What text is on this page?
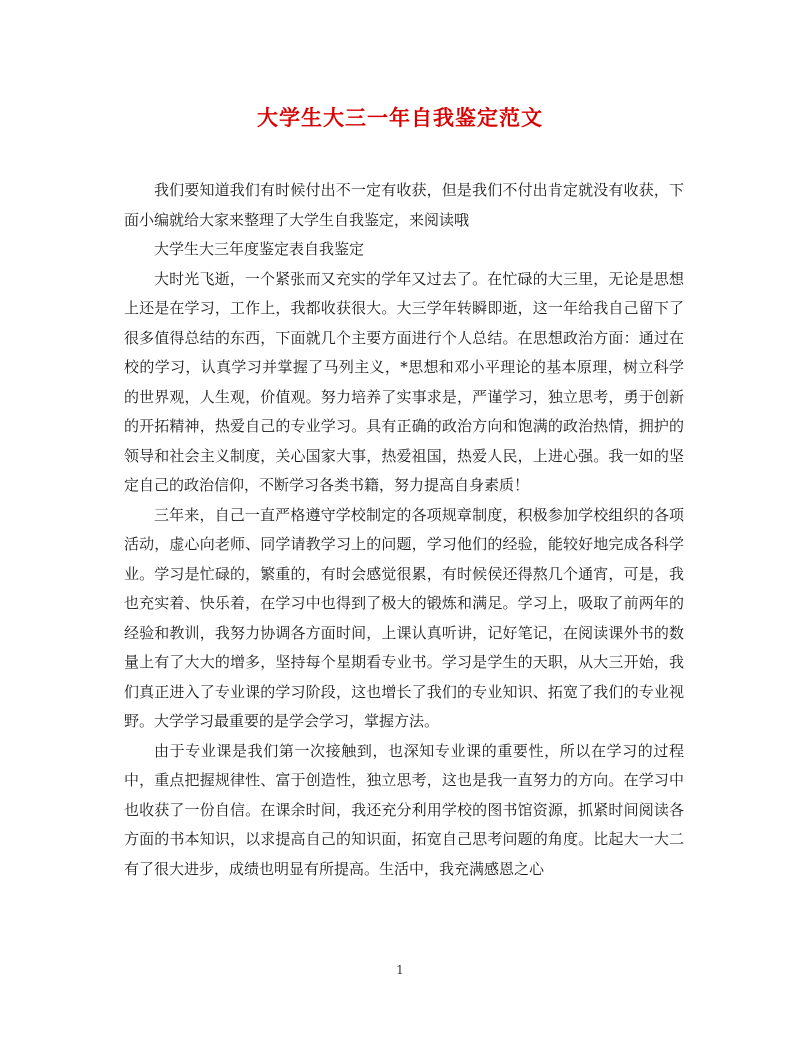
大学生大三一年自我鉴定范文

我们要知道我们有时候付出不一定有收获，但是我们不付出肯定就没有收获，下面小编就给大家来整理了大学生自我鉴定，来阅读哦

大学生大三年度鉴定表自我鉴定

大时光飞逝，一个紧张而又充实的学年又过去了。在忙碌的大三里，无论是思想上还是在学习，工作上，我都收获很大。大三学年转瞬即逝，这一年给我自己留下了很多值得总结的东西，下面就几个主要方面进行个人总结。在思想政治方面：通过在校的学习，认真学习并掌握了马列主义，*思想和邓小平理论的基本原理，树立科学的世界观，人生观，价值观。努力培养了实事求是，严谨学习，独立思考，勇于创新的开拓精神，热爱自己的专业学习。具有正确的政治方向和饱满的政治热情，拥护的领导和社会主义制度，关心国家大事，热爱祖国，热爱人民，上进心强。我一如的坚定自己的政治信仰，不断学习各类书籍，努力提高自身素质！

三年来，自己一直严格遵守学校制定的各项规章制度，积极参加学校组织的各项活动，虚心向老师、同学请教学习上的问题，学习他们的经验，能较好地完成各科学业。学习是忙碌的，繁重的，有时会感觉很累，有时候侯还得熬几个通宵，可是，我也充实着、快乐着，在学习中也得到了极大的锻炼和满足。学习上，吸取了前两年的经验和教训，我努力协调各方面时间，上课认真听讲，记好笔记，在阅读课外书的数量上有了大大的增多，坚持每个星期看专业书。学习是学生的天职，从大三开始，我们真正进入了专业课的学习阶段，这也增长了我们的专业知识、拓宽了我们的专业视野。大学学习最重要的是学会学习，掌握方法。

由于专业课是我们第一次接触到，也深知专业课的重要性，所以在学习的过程中，重点把握规律性、富于创造性，独立思考，这也是我一直努力的方向。在学习中也收获了一份自信。在课余时间，我还充分利用学校的图书馆资源，抓紧时间阅读各方面的书本知识，以求提高自己的知识面，拓宽自己思考问题的角度。比起大一大二有了很大进步，成绩也明显有所提高。生活中，我充满感恩之心

1
